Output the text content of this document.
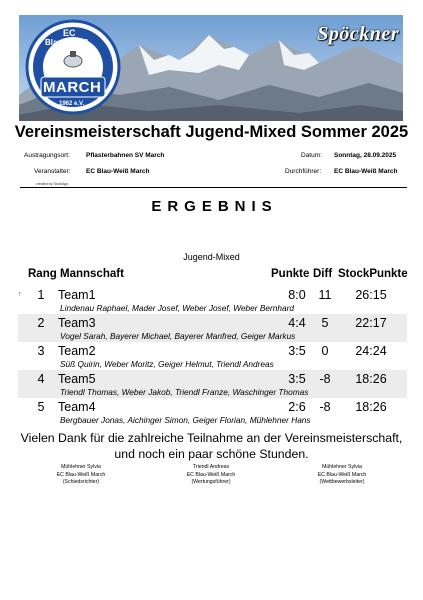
EC
Blau - Weiß
MARCH
1962 e.V.
Spöckner
Vereinsmeisterschaft Jugend-Mixed Sommer 2025
Austragungsort: Pflasterbahnen SV March	Datum: Sonntag, 28.09.2025
Veranstalter: EC Blau-Weiß March	Durchführer: EC Blau-Weiß March
created by StockApp
ERGEBNIS
Jugend-Mixed
Rang Mannschaft	Punkte Diff StockPunkte
↑	1	Team1	8:0	11	26:15
Lindenau Raphael, Mader Josef, Weber Josef, Weber Bernhard
2	Team3	4:4	5	22:17
Vogel Sarah, Bayerer Michael, Bayerer Manfred, Geiger Markus
3	Team2	3:5	0	24:24
Süß Quirin, Weber Moritz, Geiger Helmut, Triendl Andreas
4	Team5	3:5	-8	18:26
Triendl Thomas, Weber Jakob, Triendl Franze, Waschinger Thomas
5	Team4	2:6	-8	18:26
Bergbauer Jonas, Aichinger Simon, Geiger Florian, Mühlehner Hans
Vielen Dank für die zahlreiche Teilnahme an der Vereinsmeisterschaft,
und noch ein paar schöne Stunden.
Mühlehner Sylvia
EC Blau-Weiß March
(Schiedsrichter)
Triendl Andreas
EC Blau-Weiß March
(Wertungsführer)
Mühlehner Sylvia
EC Blau-Weiß March
(Wettbewerbsleiter)
